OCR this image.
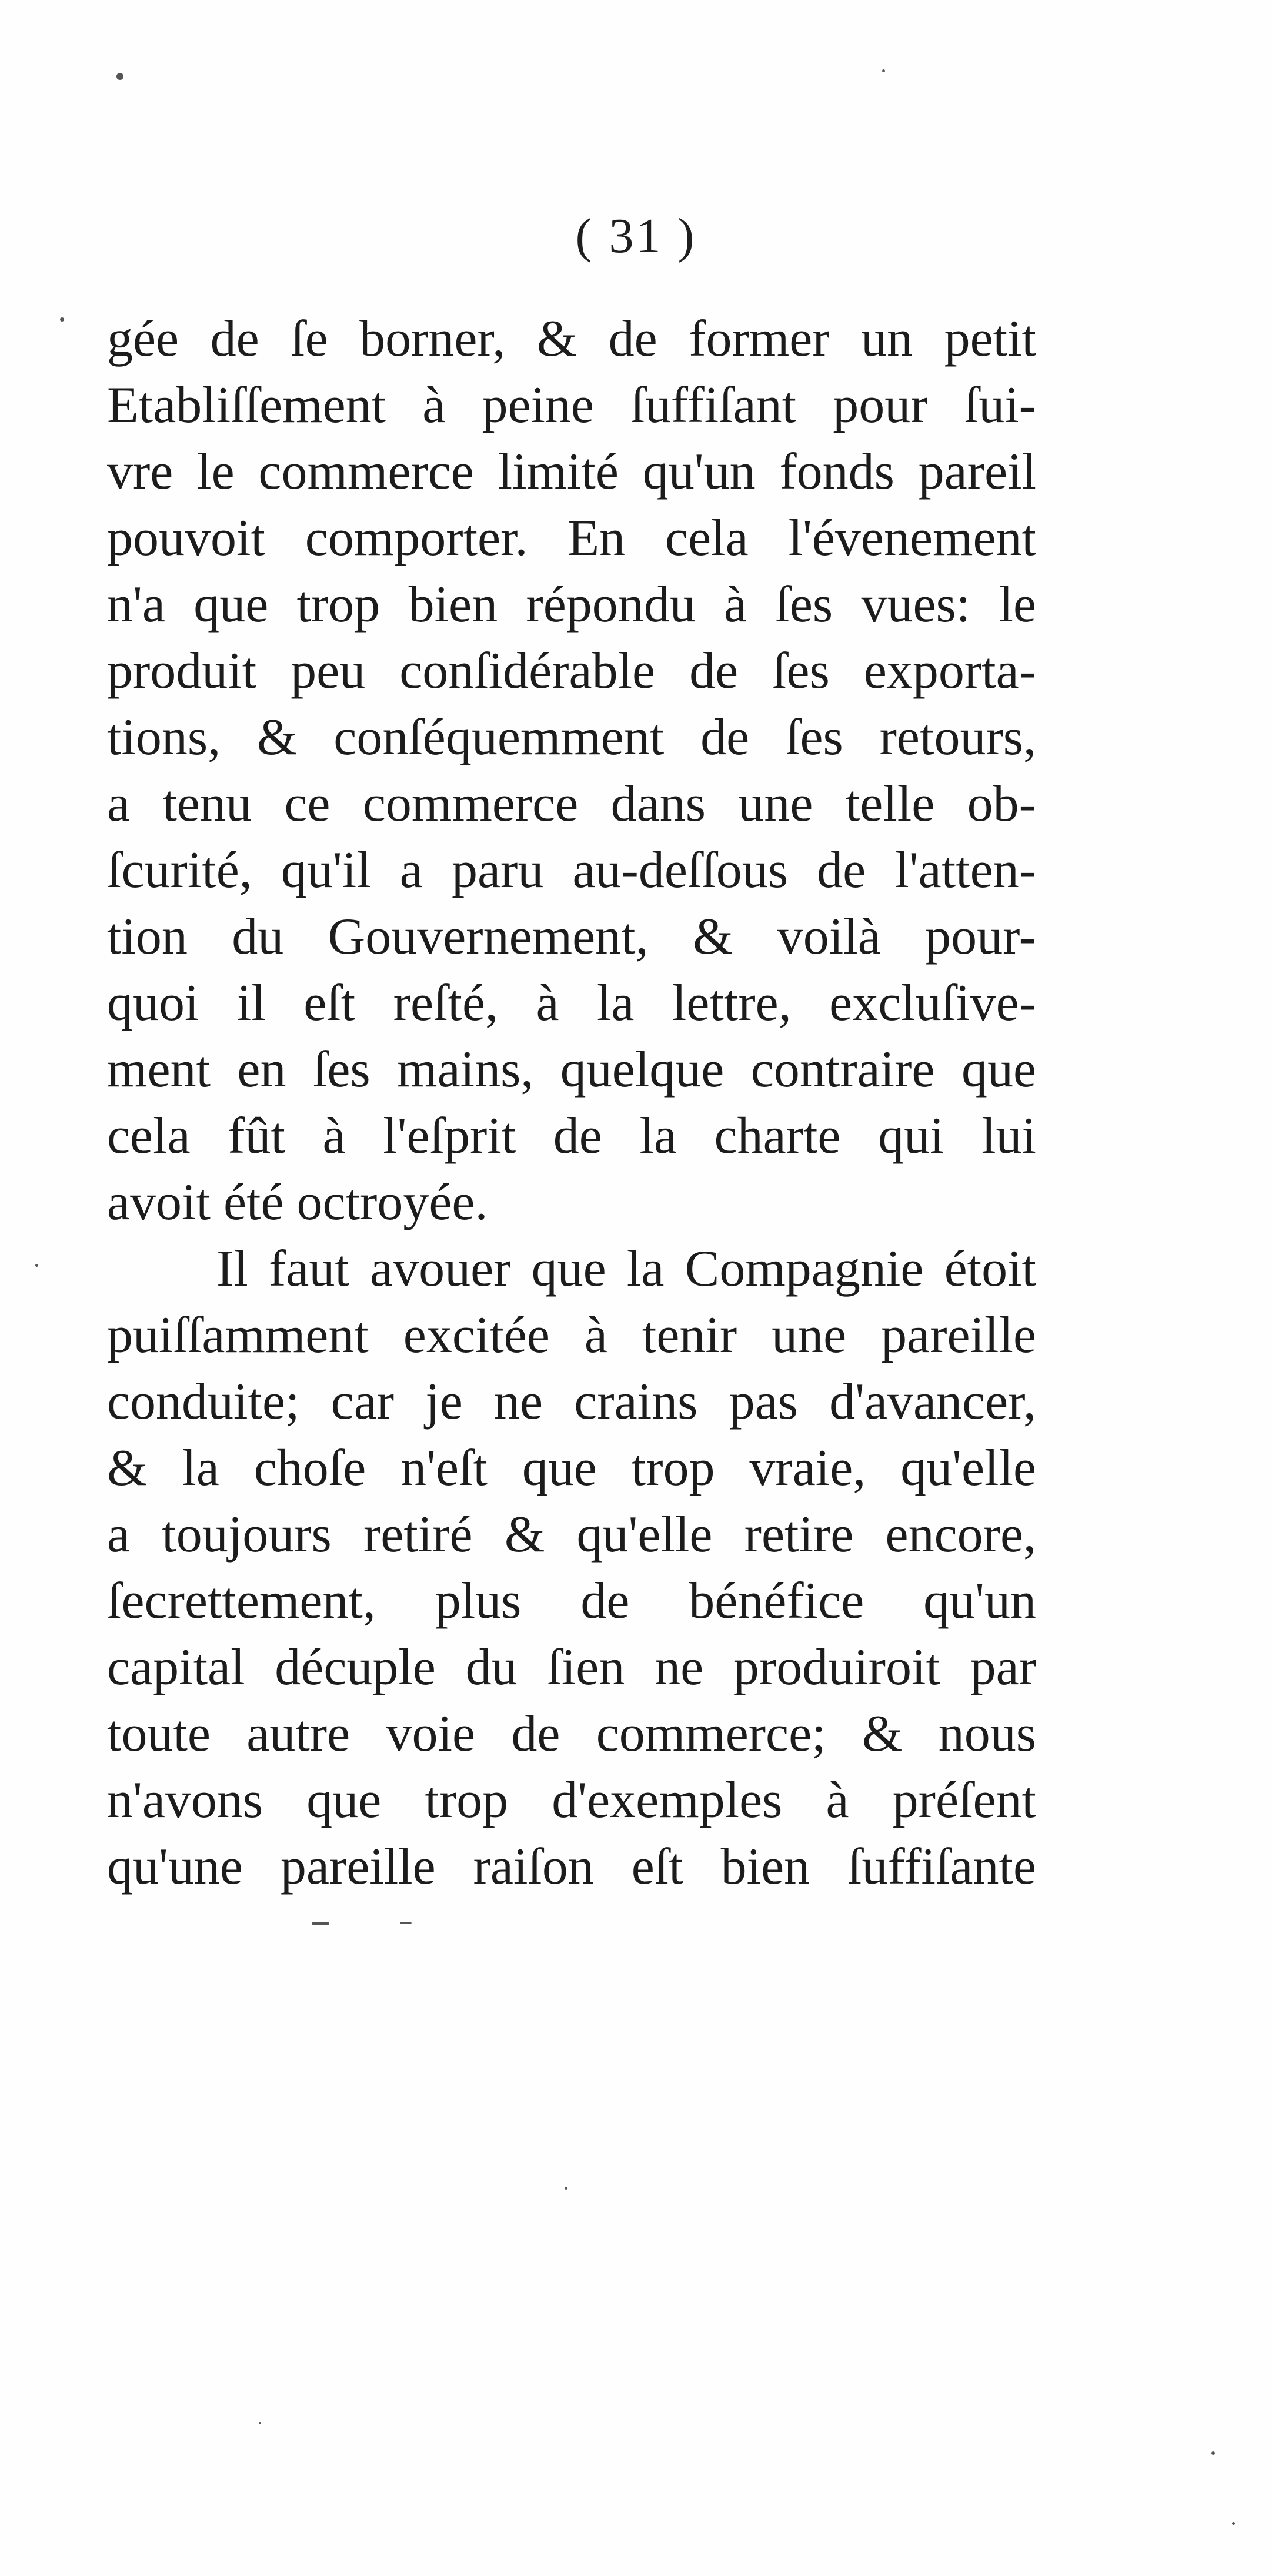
( 31 )
gée de ſe borner, & de former un petit
Etabliſſement à peine ſuffiſant pour ſui-
vre le commerce limité qu'un fonds pareil
pouvoit comporter. En cela l'évenement
n'a que trop bien répondu à ſes vues: le
produit peu conſidérable de ſes exporta-
tions, & conſéquemment de ſes retours,
a tenu ce commerce dans une telle ob-
ſcurité, qu'il a paru au-deſſous de l'atten-
tion du Gouvernement, & voilà pour-
quoi il eſt reſté, à la lettre, excluſive-
ment en ſes mains, quelque contraire que
cela fût à l'eſprit de la charte qui lui
avoit été octroyée.
Il faut avouer que la Compagnie étoit
puiſſamment excitée à tenir une pareille
conduite; car je ne crains pas d'avancer,
& la choſe n'eſt que trop vraie, qu'elle
a toujours retiré & qu'elle retire encore,
ſecrettement, plus de bénéfice qu'un
capital décuple du ſien ne produiroit par
toute autre voie de commerce; & nous
n'avons que trop d'exemples à préſent
qu'une pareille raiſon eſt bien ſuffiſante
